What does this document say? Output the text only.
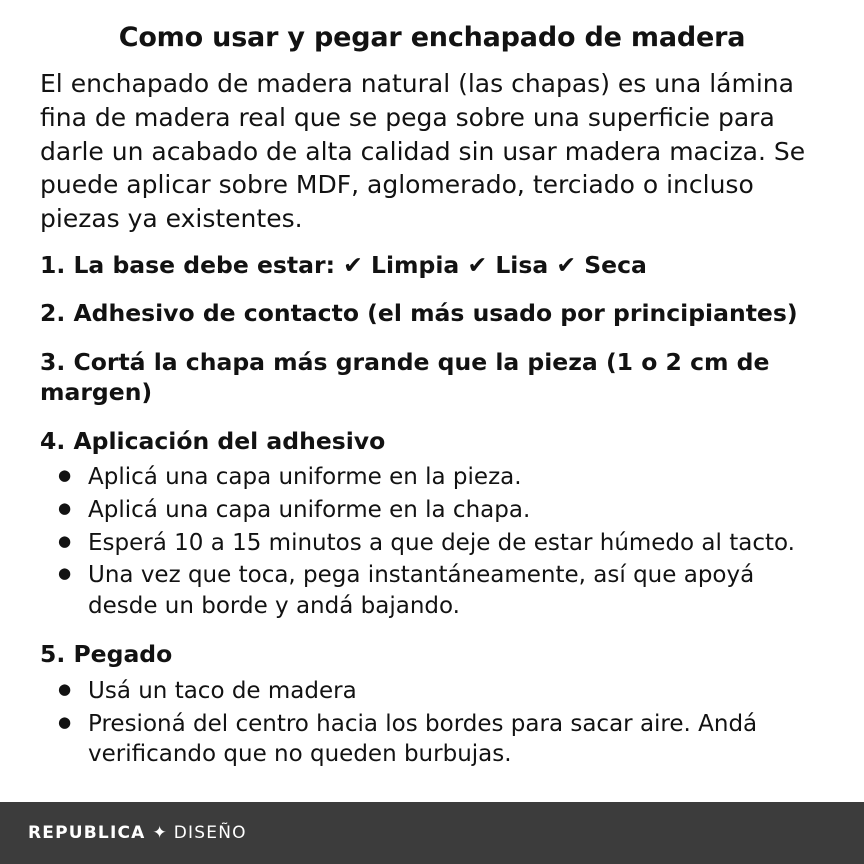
Como usar y pegar enchapado de madera

El enchapado de madera natural (las chapas) es una lámina fina de madera real que se pega sobre una superficie para darle un acabado de alta calidad sin usar madera maciza. Se puede aplicar sobre MDF, aglomerado, terciado o incluso piezas ya existentes.

1. La base debe estar: ✔ Limpia ✔ Lisa ✔ Seca
2. Adhesivo de contacto (el más usado por principiantes)
3. Cortá la chapa más grande que la pieza (1 o 2 cm de margen)
4. Aplicación del adhesivo
● Aplicá una capa uniforme en la pieza.
● Aplicá una capa uniforme en la chapa.
● Esperá 10 a 15 minutos a que deje de estar húmedo al tacto.
● Una vez que toca, pega instantáneamente, así que apoyá desde un borde y andá bajando.
5. Pegado
● Usá un taco de madera
● Presioná del centro hacia los bordes para sacar aire. Andá verificando que no queden burbujas.
REPUBLICA ✦ DISEÑO
